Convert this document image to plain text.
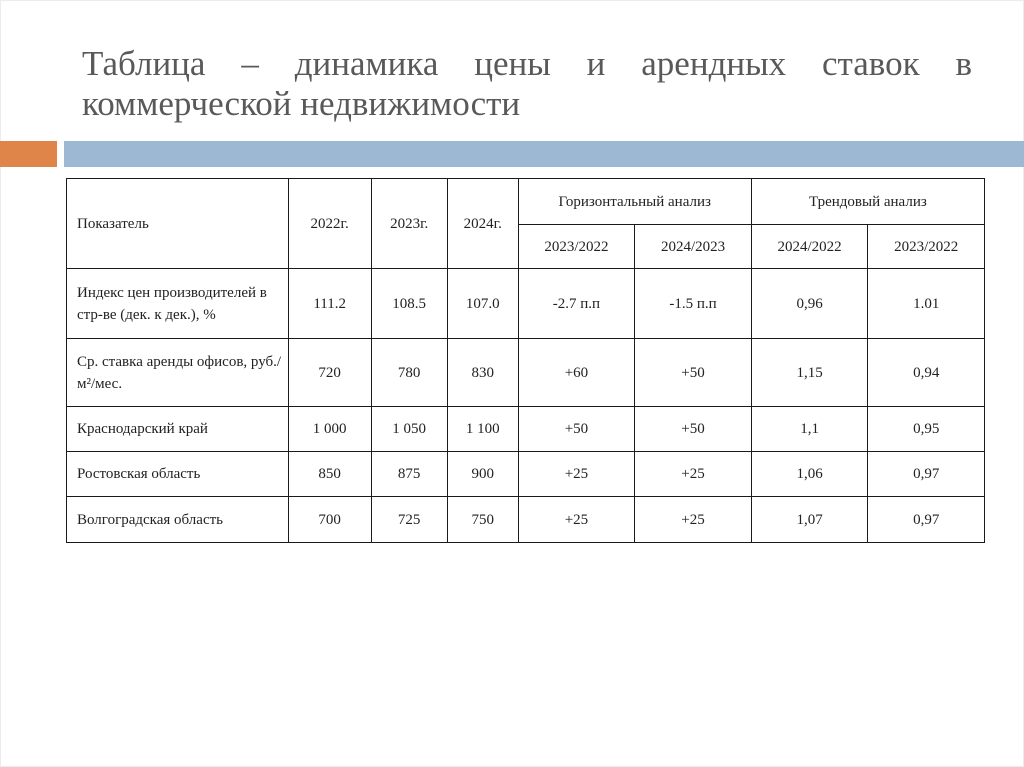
Таблица – динамика цены и арендных ставок в коммерческой недвижимости
Показатель	2022г.	2023г.	2024г.	Горизонтальный анализ		Трендовый анализ	
				2023/2022	2024/2023	2024/2022	2023/2022
Индекс цен производителей в стр-ве (дек. к дек.), %	111.2	108.5	107.0	-2.7 п.п	-1.5 п.п	0,96	1.01
Ср. ставка аренды офисов, руб./м²/мес.	720	780	830	+60	+50	1,15	0,94
Краснодарский край	1 000	1 050	1 100	+50	+50	1,1	0,95
Ростовская область	850	875	900	+25	+25	1,06	0,97
Волгоградская область	700	725	750	+25	+25	1,07	0,97
